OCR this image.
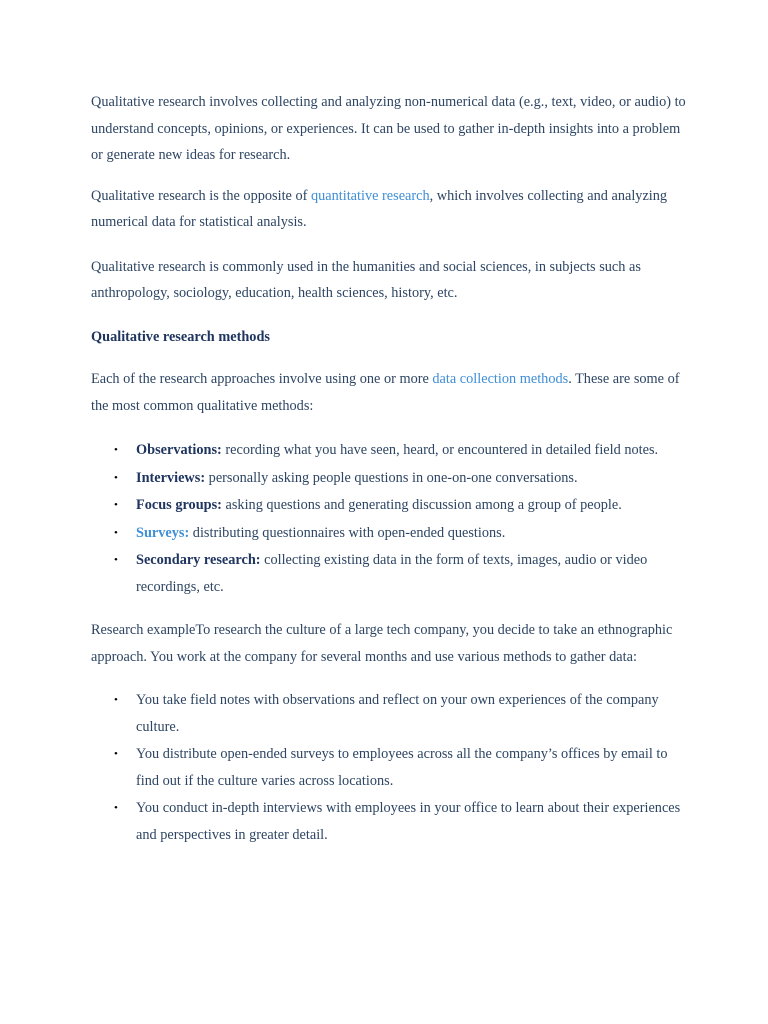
Qualitative research involves collecting and analyzing non-numerical data (e.g., text, video, or audio) to understand concepts, opinions, or experiences. It can be used to gather in-depth insights into a problem or generate new ideas for research.

Qualitative research is the opposite of quantitative research, which involves collecting and analyzing numerical data for statistical analysis.

Qualitative research is commonly used in the humanities and social sciences, in subjects such as anthropology, sociology, education, health sciences, history, etc.

Qualitative research methods

Each of the research approaches involve using one or more data collection methods. These are some of the most common qualitative methods:

• Observations: recording what you have seen, heard, or encountered in detailed field notes.
• Interviews: personally asking people questions in one-on-one conversations.
• Focus groups: asking questions and generating discussion among a group of people.
• Surveys: distributing questionnaires with open-ended questions.
• Secondary research: collecting existing data in the form of texts, images, audio or video recordings, etc.

Research exampleTo research the culture of a large tech company, you decide to take an ethnographic approach. You work at the company for several months and use various methods to gather data:

• You take field notes with observations and reflect on your own experiences of the company culture.
• You distribute open-ended surveys to employees across all the company’s offices by email to find out if the culture varies across locations.
• You conduct in-depth interviews with employees in your office to learn about their experiences and perspectives in greater detail.
